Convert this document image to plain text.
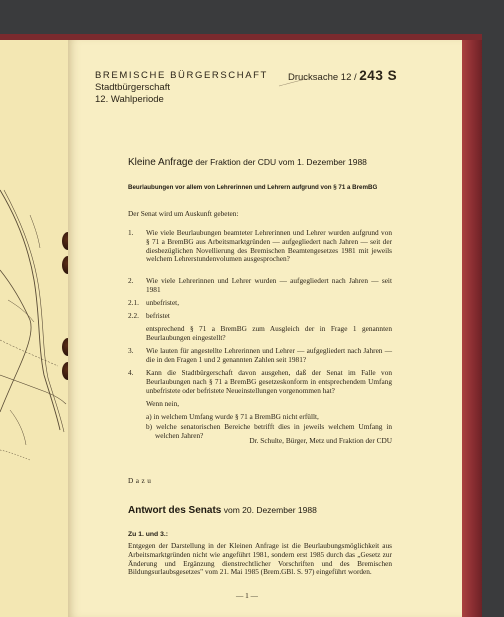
BREMISCHE BÜRGERSCHAFT
Stadtbürgerschaft
12. Wahlperiode
Drucksache 12 / 243 S
Kleine Anfrage der Fraktion der CDU vom 1. Dezember 1988
Beurlaubungen vor allem von Lehrerinnen und Lehrern aufgrund von § 71 a BremBG
Der Senat wird um Auskunft gebeten:
1. Wie viele Beurlaubungen beamteter Lehrerinnen und Lehrer wurden aufgrund von § 71 a BremBG aus Arbeitsmarktgründen — aufgegliedert nach Jahren — seit der diesbezüglichen Novellierung des Bremischen Beamtengesetzes 1981 mit jeweils welchem Lehrerstundenvolumen ausgesprochen?
2. Wie viele Lehrerinnen und Lehrer wurden — aufgegliedert nach Jahren — seit 1981
2.1. unbefristet,
2.2. befristet
entsprechend § 71 a BremBG zum Ausgleich der in Frage 1 genannten Beurlaubungen eingestellt?
3. Wie lauten für angestellte Lehrerinnen und Lehrer — aufgegliedert nach Jahren — die in den Fragen 1 und 2 genannten Zahlen seit 1981?
4. Kann die Stadtbürgerschaft davon ausgehen, daß der Senat im Falle von Beurlaubungen nach § 71 a BremBG gesetzeskonform in entsprechendem Umfang unbefristete oder befristete Neueinstellungen vorgenommen hat?
Wenn nein,
a) in welchem Umfang wurde § 71 a BremBG nicht erfüllt,
b) welche senatorischen Bereiche betrifft dies in jeweils welchem Umfang in welchen Jahren?
Dr. Schulte, Bürger, Metz und Fraktion der CDU
Dazu
Antwort des Senats vom 20. Dezember 1988
Zu 1. und 3.:
Entgegen der Darstellung in der Kleinen Anfrage ist die Beurlaubungsmöglichkeit aus Arbeitsmarktgründen nicht wie angeführt 1981, sondern erst 1985 durch das „Gesetz zur Änderung und Ergänzung dienstrechtlicher Vorschriften und des Bremischen Bildungsurlaubsgesetzes" vom 21. Mai 1985 (Brem.GBl. S. 97) eingeführt worden.
— 1 —
